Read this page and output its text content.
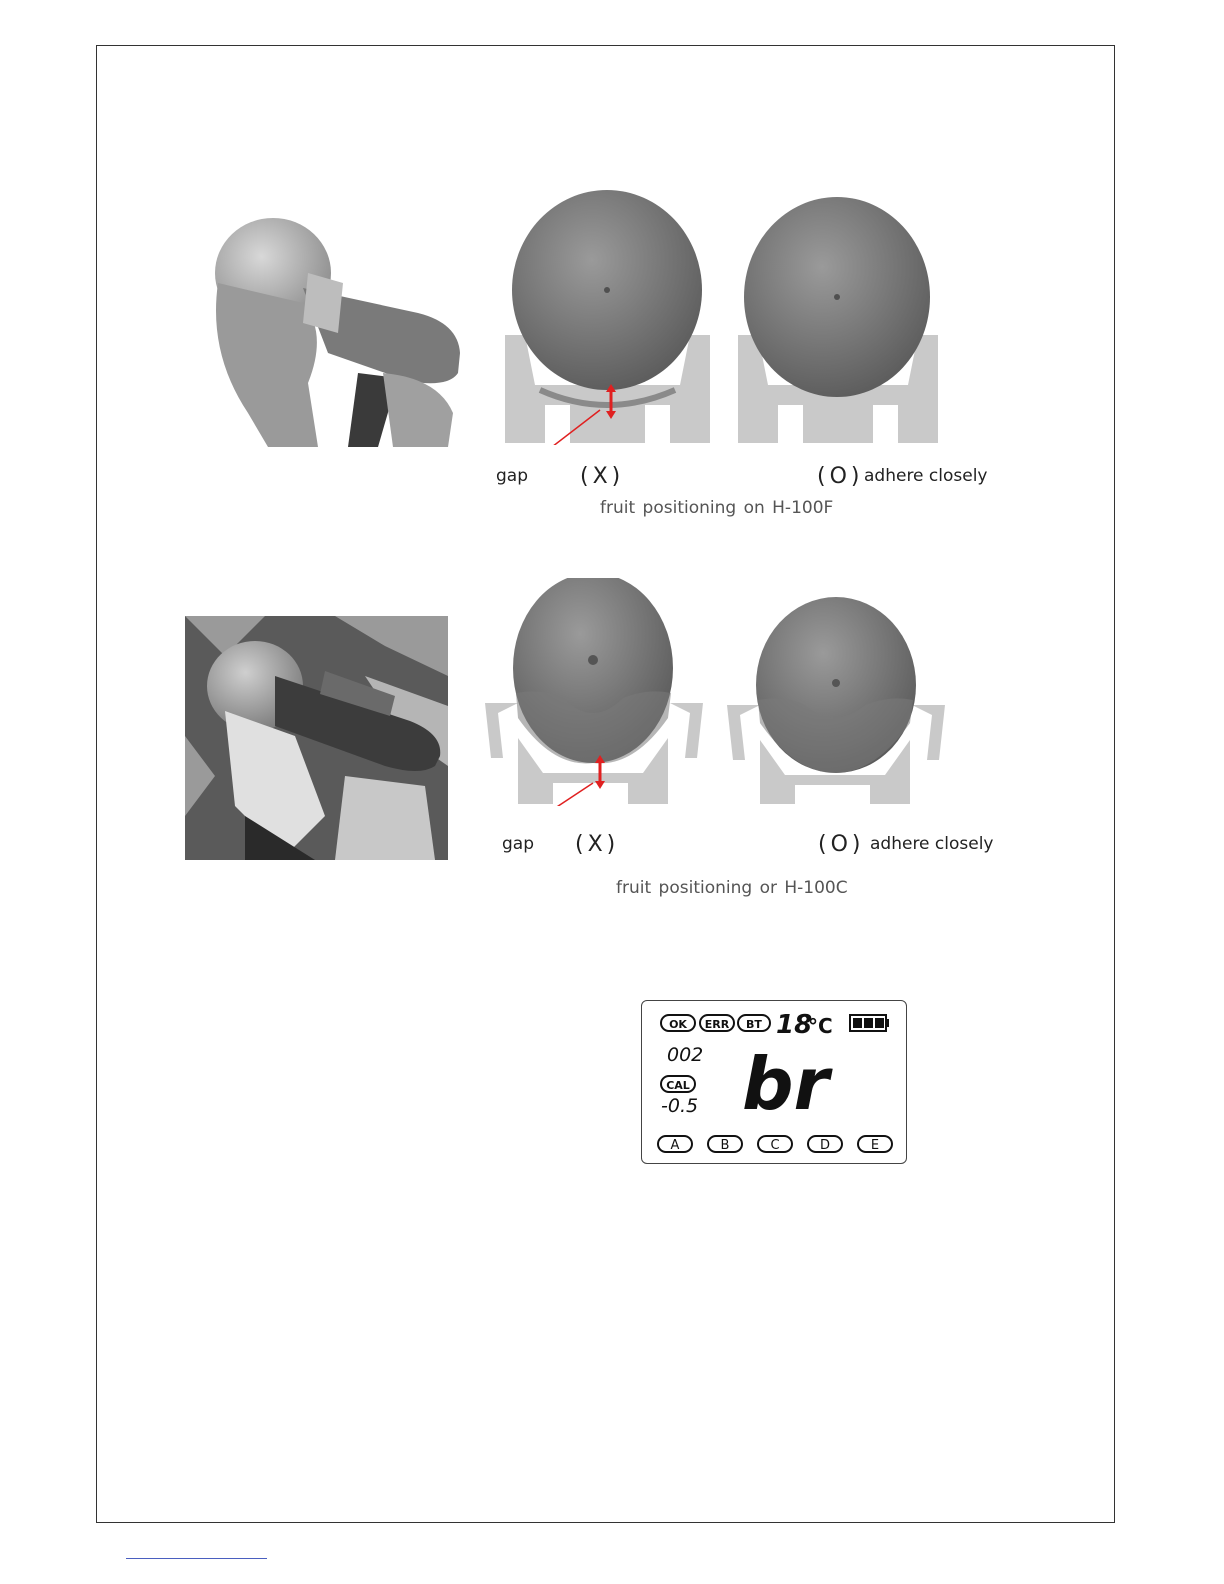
gap (X)	(O) adhere closely
fruit positioning on H-100F
gap (X)	(O) adhere closely
fruit positioning or H-100C
OK ERR BT 18
°C
002
CAL
-0.5 br
A	B	C	D	E
